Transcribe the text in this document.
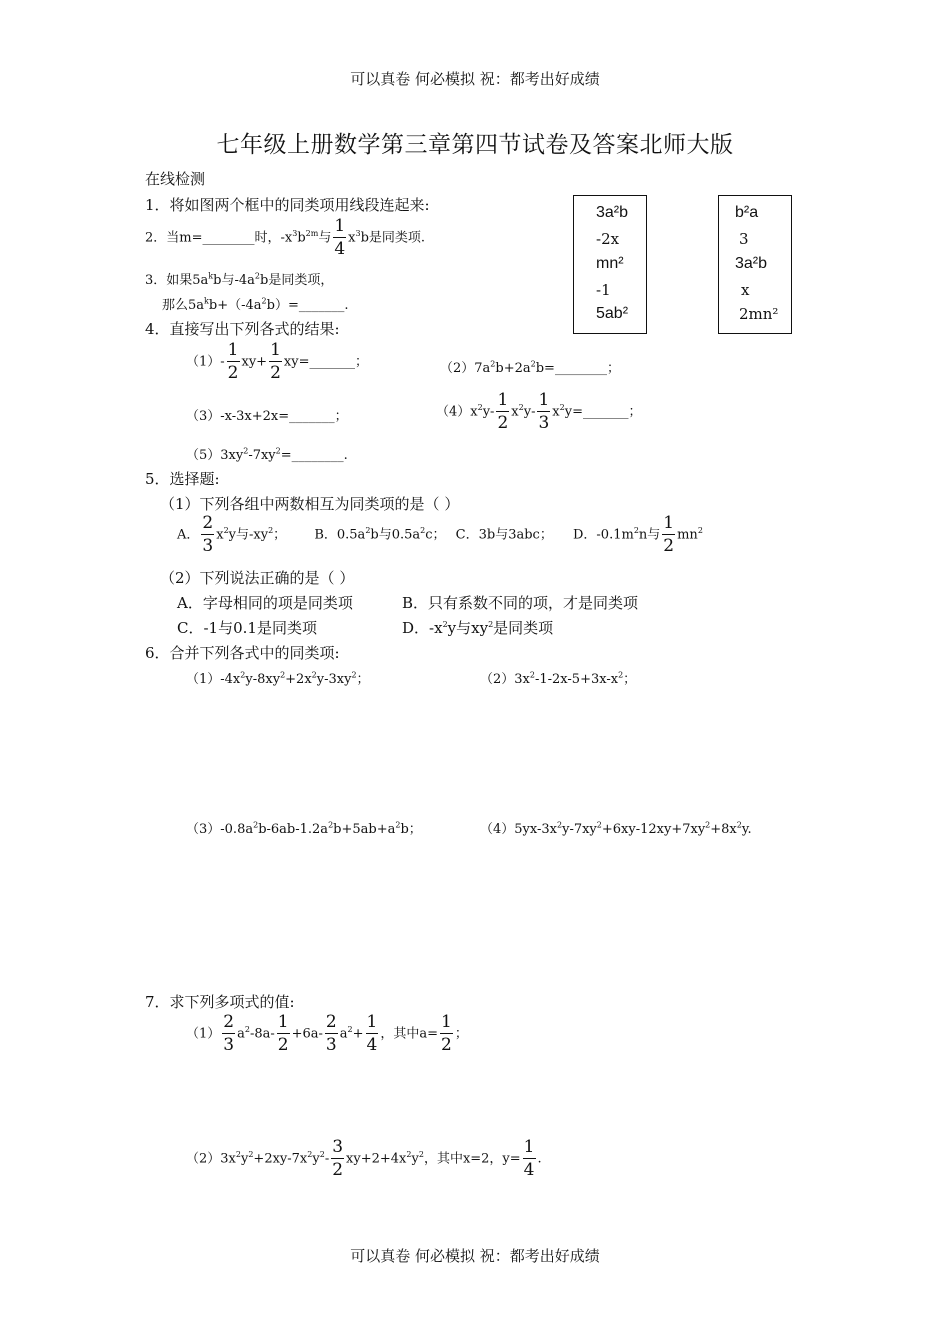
可以真卷 何必模拟 祝：都考出好成绩
可以真卷 何必模拟 祝：都考出好成绩
七年级上册数学第三章第四节试卷及答案北师大版
在线检测
3a²b
-2x
mn²
-1
5ab²
b²a
3
3a²b
x
2mn²
1．将如图两个框中的同类项用线段连起来:
2．当m=________时，$-x^3b^{2m}$与 $\frac{1}{4} x^3b$是同类项.
3．如果$5a^kb$与$-4a^2b$是同类项，
那么$5a^kb+(-4a^2b)=\_\_\_\_\_\_\_$.
4．直接写出下列各式的结果:
$(1)- \frac{1}{2} xy+ \frac{1}{2}$ xy=_______；	$(2)7a^2b+2a^2b=\_\_\_\_\_\_\_\_$；
（3）-x-3x+2x=_______；	$(4)x^2y- \frac{1}{2} x^2y- \frac{1}{3}$ $x^2y=\_\_\_\_\_\_\_$；
$(5)3xy^2-7xy^2=\_\_\_\_\_\_\_\_$.
5．选择题:
（1）下列各组中两数相互为同类项的是（ ）
A． $\frac{2}{3} x^2y$与$-xy^2$； B．$0.5a^2b$与$0.5a^2c$； C．3b与3abc； D．$-0.1m^2n$与 $\frac{1}{2} mn^2$
（2）下列说法正确的是（ ）
A．字母相同的项是同类项	B．只有系数不同的项，才是同类项
C．-1与0.1是同类项	D．$-x^2y$与$xy^2$是同类项
6．合并下列各式中的同类项:
$(1)-4x^2y-8xy^2+2x^2y-3xy^2$；	$(2)3x^2-1-2x-5+3x-x^2$；
$(3)-0.8a^2b-6ab-1.2a^2b+5ab+a^2b$；	$(4)5yx-3x^2y-7xy^2+6xy-12xy+7xy^2+8x^2y$.
7．求下列多项式的值:
$(1) \frac{2}{3} a^2-8a- \frac{1}{2} +6a- \frac{2}{3} a^2+ \frac{1}{4}$ ，其中$a= \frac{1}{2}$ ；
$(2)3x^2y^2+2xy-7x^2y^2- \frac{3}{2} xy+2+4x^2y^2$，其中x=2，$y= \frac{1}{4}$ .
